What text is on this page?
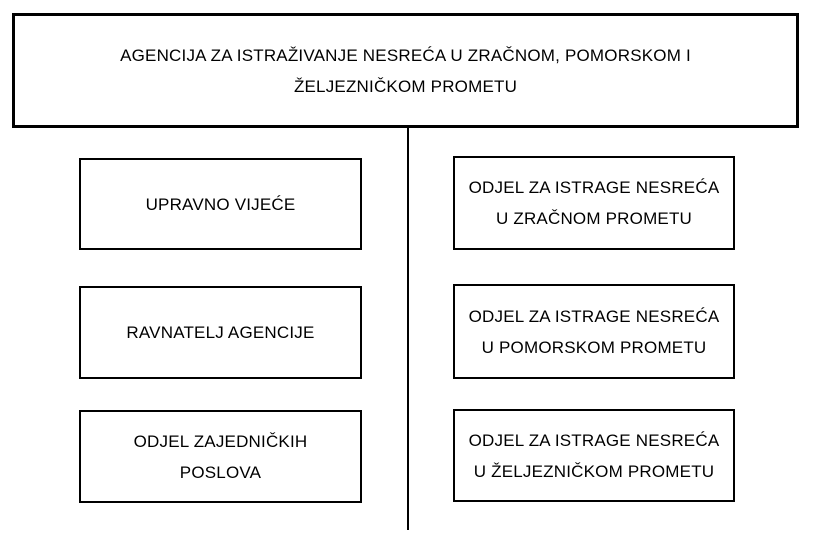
AGENCIJA ZA ISTRAŽIVANJE NESREĆA U ZRAČNOM, POMORSKOM I
ŽELJEZNIČKOM PROMETU
UPRAVNO VIJEĆE
RAVNATELJ AGENCIJE
ODJEL ZAJEDNIČKIH
POSLOVA
ODJEL ZA ISTRAGE NESREĆA
U ZRAČNOM PROMETU
ODJEL ZA ISTRAGE NESREĆA
U POMORSKOM PROMETU
ODJEL ZA ISTRAGE NESREĆA
U ŽELJEZNIČKOM PROMETU
